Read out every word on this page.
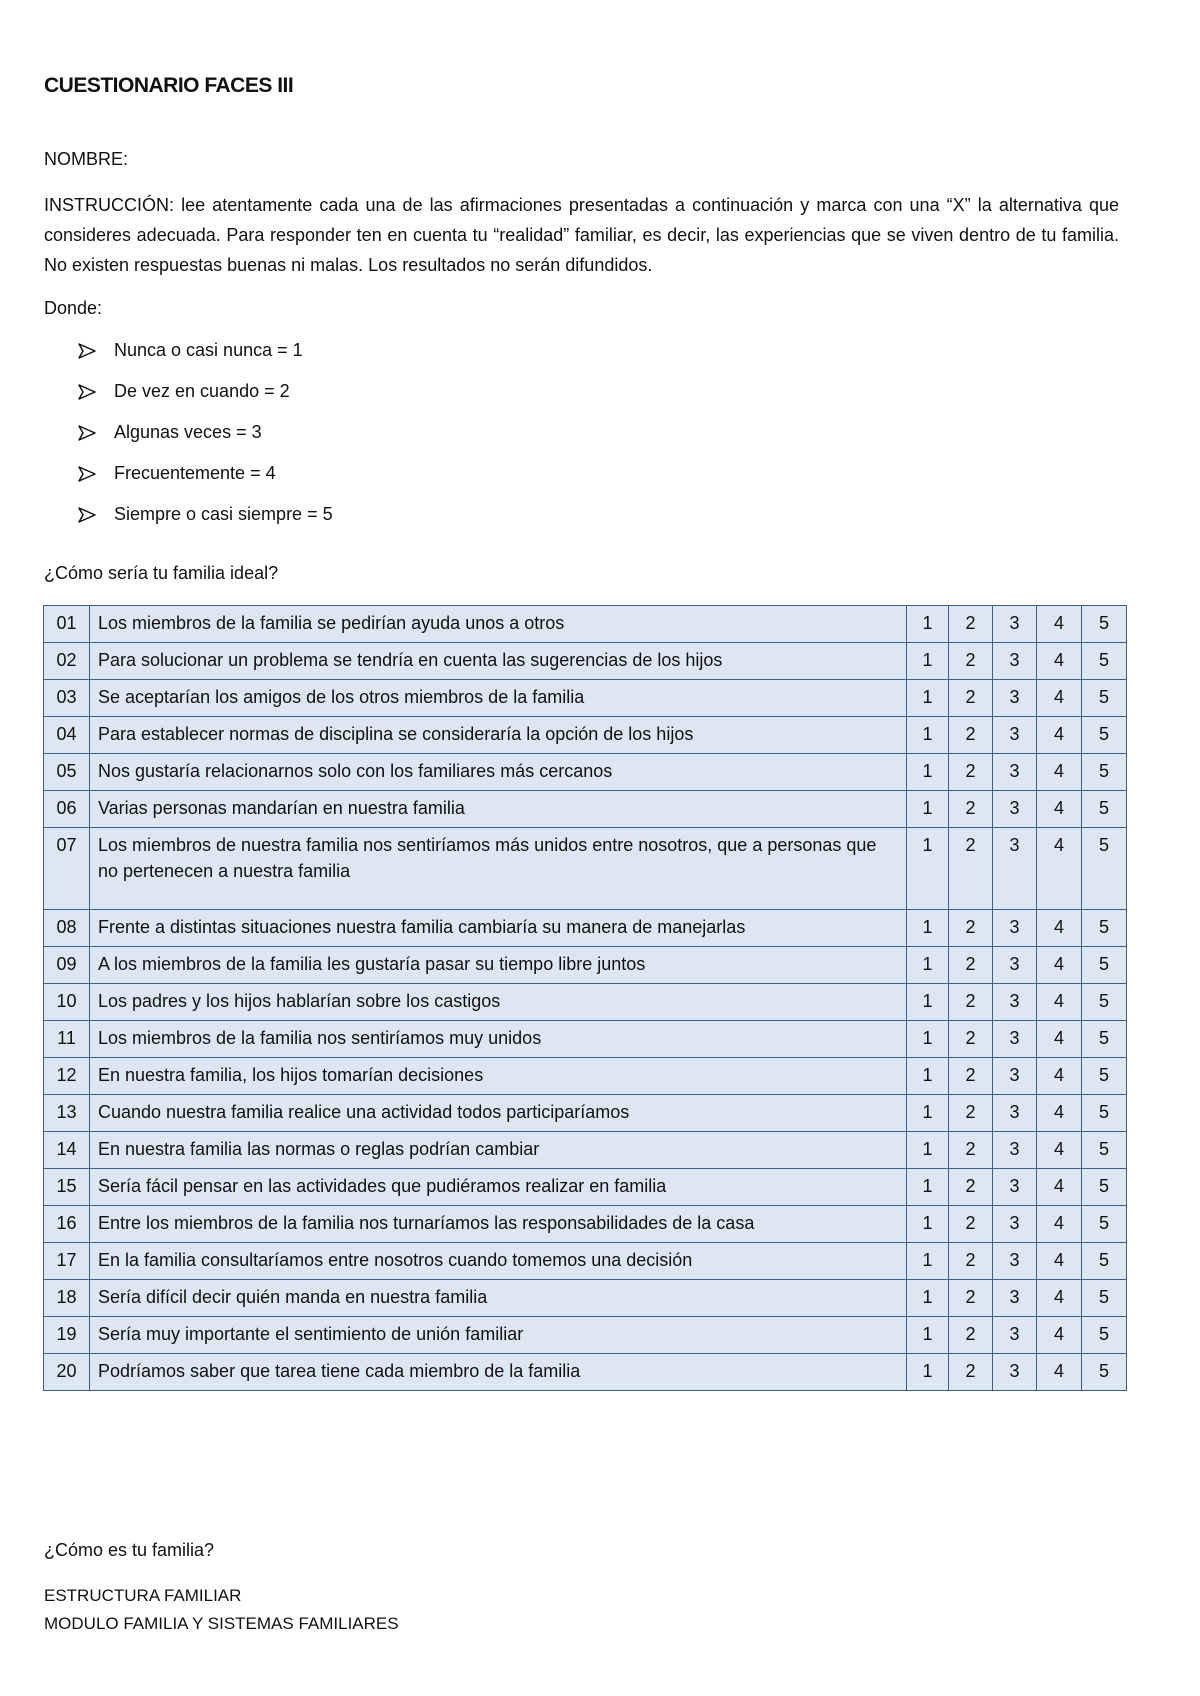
CUESTIONARIO FACES III
NOMBRE:
INSTRUCCIÓN: lee atentamente cada una de las afirmaciones presentadas a continuación y marca con una “X” la alternativa que consideres adecuada. Para responder ten en cuenta tu “realidad” familiar, es decir, las experiencias que se viven dentro de tu familia. No existen respuestas buenas ni malas. Los resultados no serán difundidos.
Donde:
Nunca o casi nunca = 1
De vez en cuando = 2
Algunas veces = 3
Frecuentemente = 4
Siempre o casi siempre = 5
¿Cómo sería tu familia ideal?
01	Los miembros de la familia se pedirían ayuda unos a otros	1	2	3	4	5
02	Para solucionar un problema se tendría en cuenta las sugerencias de los hijos	1	2	3	4	5
03	Se aceptarían los amigos de los otros miembros de la familia	1	2	3	4	5
04	Para establecer normas de disciplina se consideraría la opción de los hijos	1	2	3	4	5
05	Nos gustaría relacionarnos solo con los familiares más cercanos	1	2	3	4	5
06	Varias personas mandarían en nuestra familia	1	2	3	4	5
07	Los miembros de nuestra familia nos sentiríamos más unidos entre nosotros, que a personas que no pertenecen a nuestra familia	1	2	3	4	5
08	Frente a distintas situaciones nuestra familia cambiaría su manera de manejarlas	1	2	3	4	5
09	A los miembros de la familia les gustaría pasar su tiempo libre juntos	1	2	3	4	5
10	Los padres y los hijos hablarían sobre los castigos	1	2	3	4	5
11	Los miembros de la familia nos sentiríamos muy unidos	1	2	3	4	5
12	En nuestra familia, los hijos tomarían decisiones	1	2	3	4	5
13	Cuando nuestra familia realice una actividad todos participaríamos	1	2	3	4	5
14	En nuestra familia las normas o reglas podrían cambiar	1	2	3	4	5
15	Sería fácil pensar en las actividades que pudiéramos realizar en familia	1	2	3	4	5
16	Entre los miembros de la familia nos turnaríamos las responsabilidades de la casa	1	2	3	4	5
17	En la familia consultaríamos entre nosotros cuando tomemos una decisión	1	2	3	4	5
18	Sería difícil decir quién manda en nuestra familia	1	2	3	4	5
19	Sería muy importante el sentimiento de unión familiar	1	2	3	4	5
20	Podríamos saber que tarea tiene cada miembro de la familia	1	2	3	4	5
¿Cómo es tu familia?
ESTRUCTURA FAMILIAR
MODULO FAMILIA Y SISTEMAS FAMILIARES
